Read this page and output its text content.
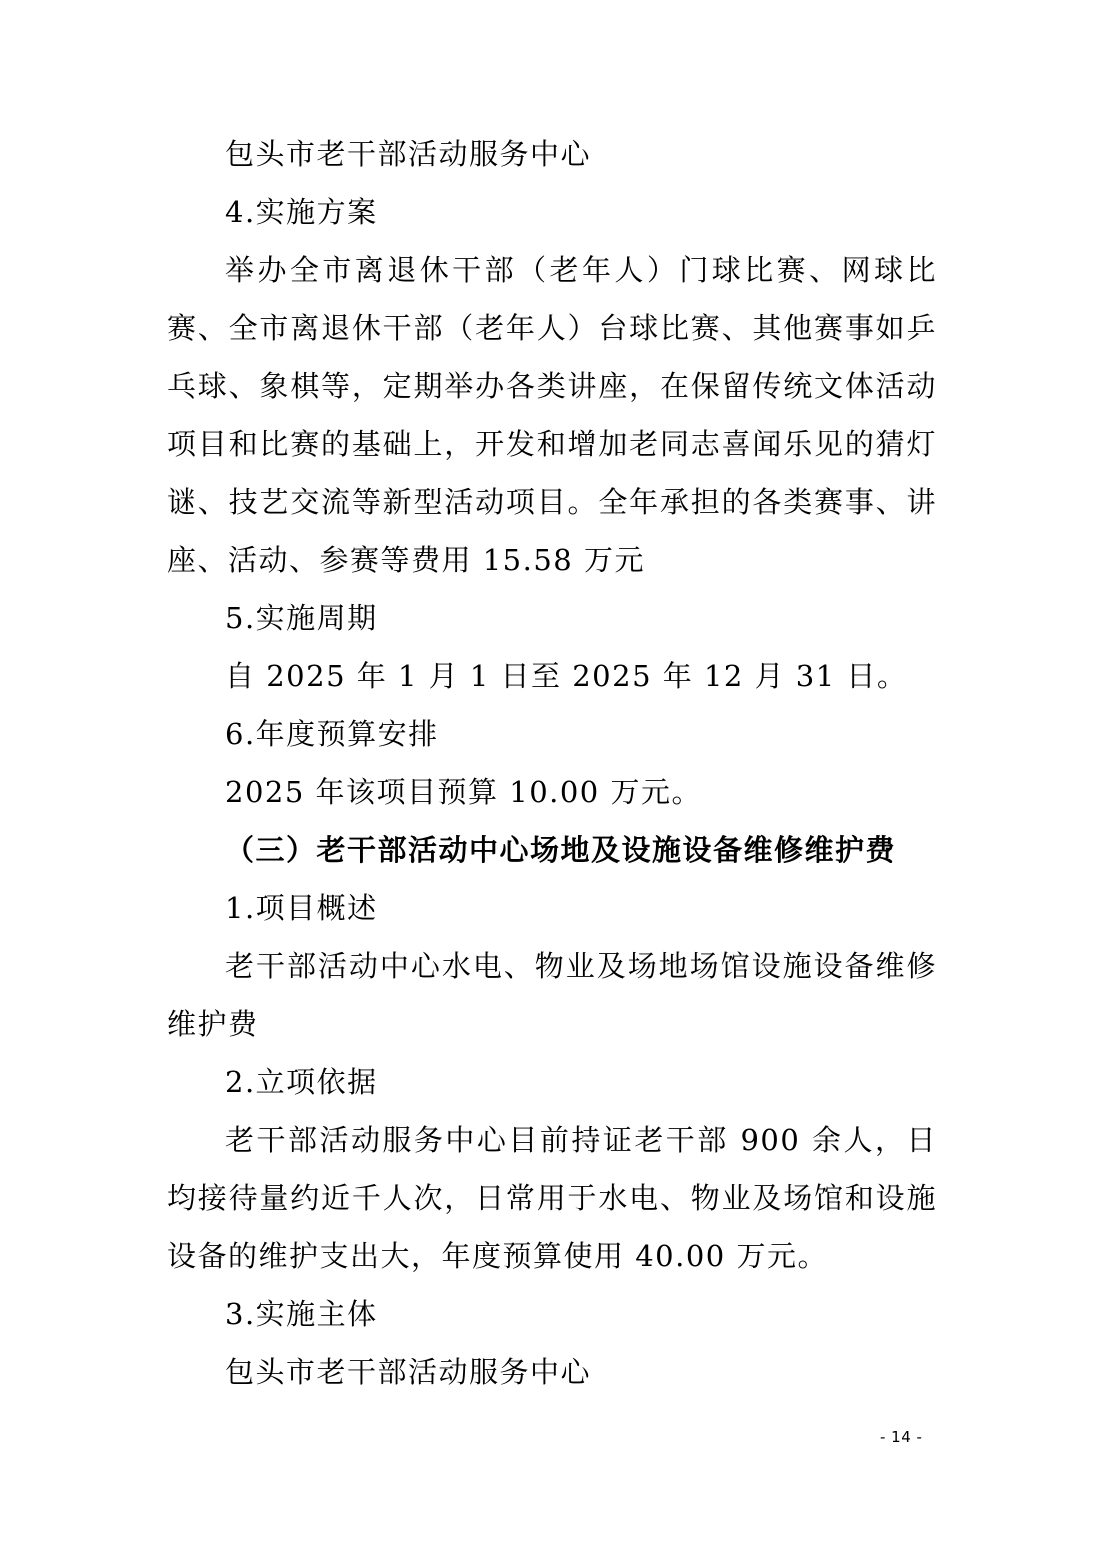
包头市老干部活动服务中心

4.实施方案

举办全市离退休干部（老年人）门球比赛、网球比赛、全市离退休干部（老年人）台球比赛、其他赛事如乒乓球、象棋等，定期举办各类讲座，在保留传统文体活动项目和比赛的基础上，开发和增加老同志喜闻乐见的猜灯谜、技艺交流等新型活动项目。全年承担的各类赛事、讲座、活动、参赛等费用 15.58 万元

5.实施周期

自 2025 年 1 月 1 日至 2025 年 12 月 31 日。

6.年度预算安排

2025 年该项目预算 10.00 万元。

（三）老干部活动中心场地及设施设备维修维护费

1.项目概述

老干部活动中心水电、物业及场地场馆设施设备维修维护费

2.立项依据

老干部活动服务中心目前持证老干部 900 余人，日均接待量约近千人次，日常用于水电、物业及场馆和设施设备的维护支出大，年度预算使用 40.00 万元。

3.实施主体

包头市老干部活动服务中心

- 14 -
